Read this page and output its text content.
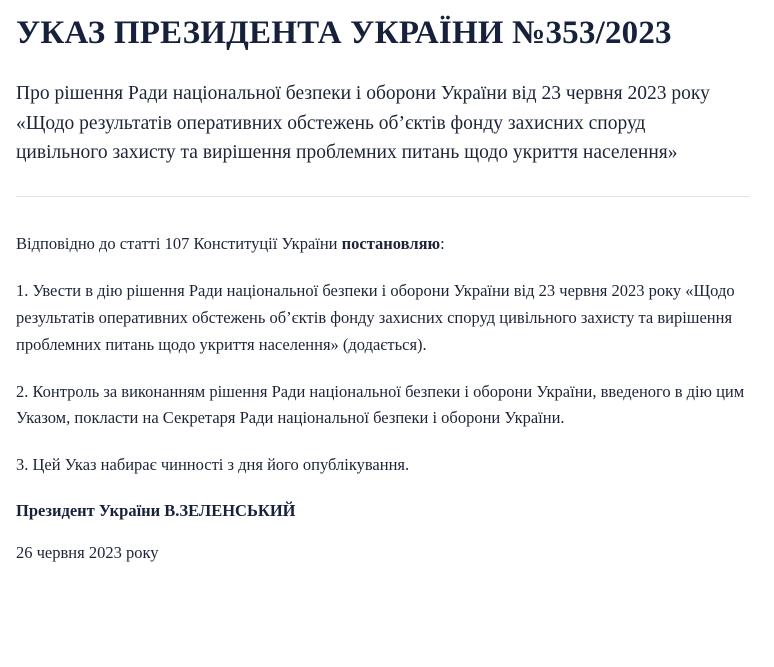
УКАЗ ПРЕЗИДЕНТА УКРАЇНИ №353/2023

Про рішення Ради національної безпеки і оборони України від 23 червня 2023 року «Щодо результатів оперативних обстежень об’єктів фонду захисних споруд цивільного захисту та вирішення проблемних питань щодо укриття населення»

Відповідно до статті 107 Конституції України постановляю:

1. Увести в дію рішення Ради національної безпеки і оборони України від 23 червня 2023 року «Щодо результатів оперативних обстежень об’єктів фонду захисних споруд цивільного захисту та вирішення проблемних питань щодо укриття населення» (додається).

2. Контроль за виконанням рішення Ради національної безпеки і оборони України, введеного в дію цим Указом, покласти на Секретаря Ради національної безпеки і оборони України.

3. Цей Указ набирає чинності з дня його опублікування.

Президент України В.ЗЕЛЕНСЬКИЙ

26 червня 2023 року
